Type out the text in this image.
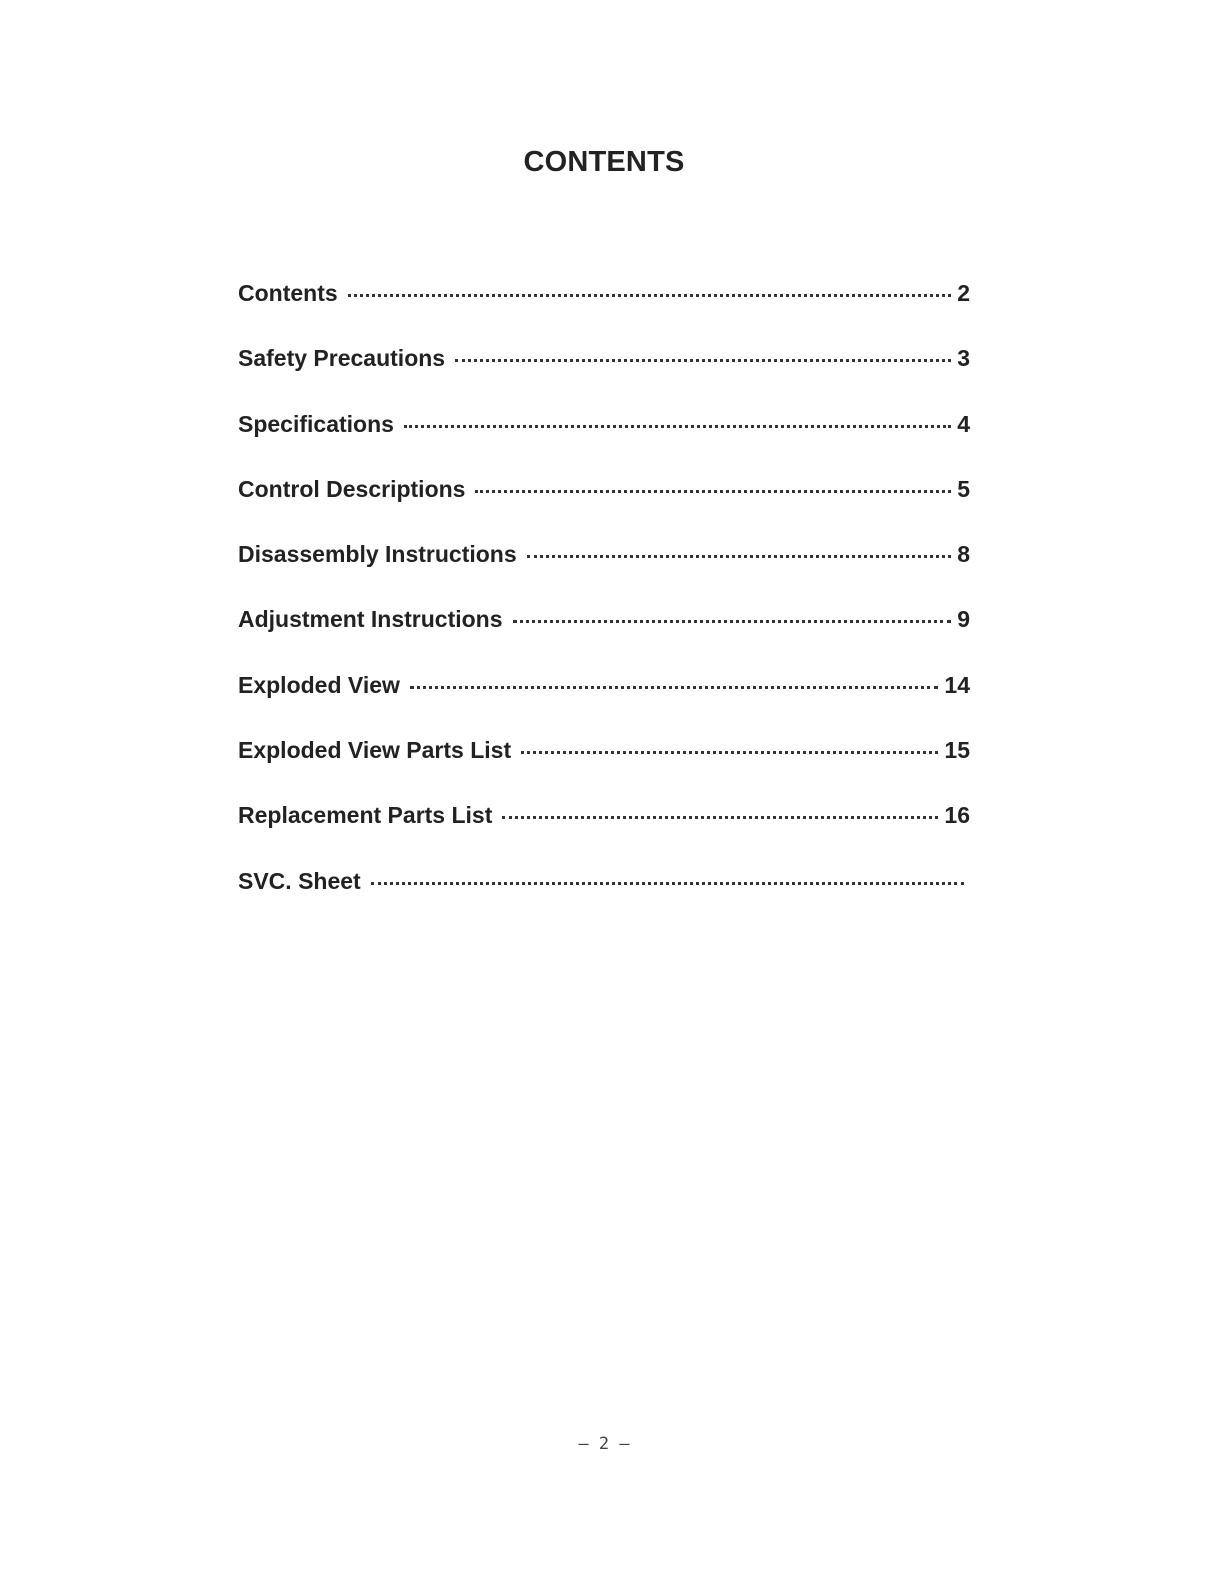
CONTENTS
Contents	2
Safety Precautions	3
Specifications	4
Control Descriptions	5
Disassembly Instructions	8
Adjustment Instructions	9
Exploded View	14
Exploded View Parts List	15
Replacement Parts List	16
SVC. Sheet

– 2 –
